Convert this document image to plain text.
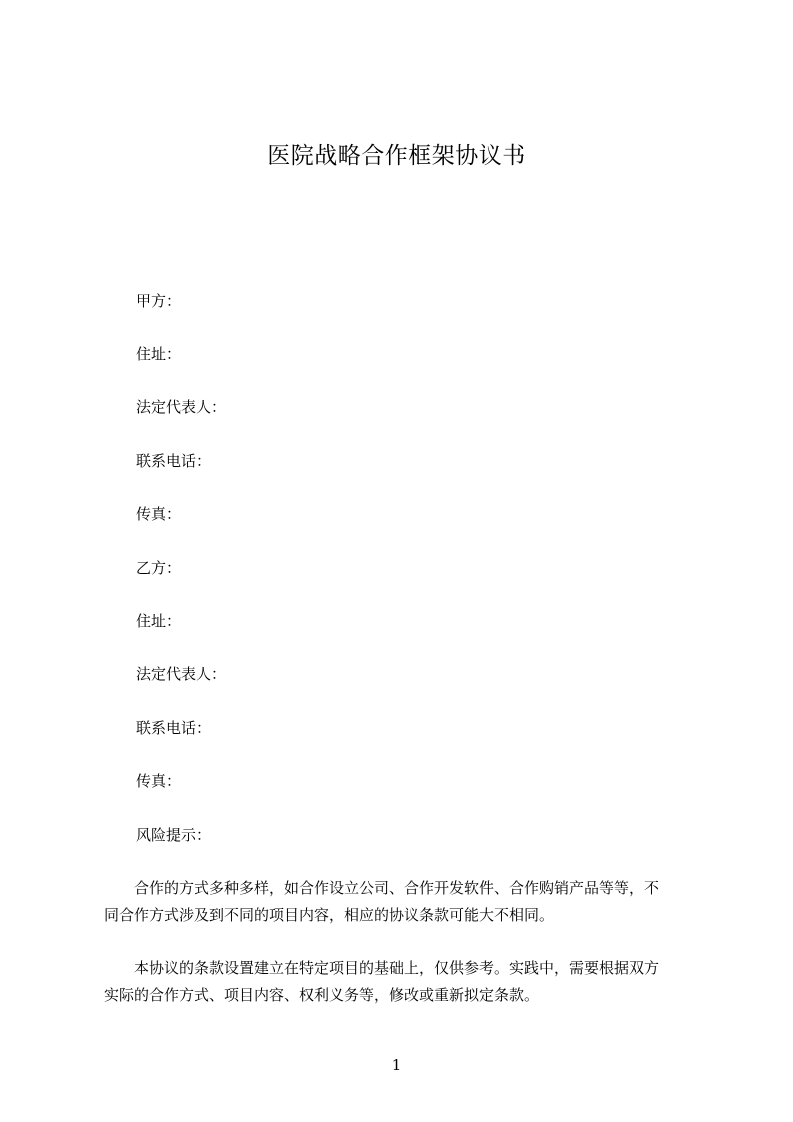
医院战略合作框架协议书
甲方：
住址：
法定代表人：
联系电话：
传真：
乙方：
住址：
法定代表人：
联系电话：
传真：
风险提示：
　　合作的方式多种多样，如合作设立公司、合作开发软件、合作购销产品等等，不
同合作方式涉及到不同的项目内容，相应的协议条款可能大不相同。
　　本协议的条款设置建立在特定项目的基础上，仅供参考。实践中，需要根据双方
实际的合作方式、项目内容、权利义务等，修改或重新拟定条款。
1
